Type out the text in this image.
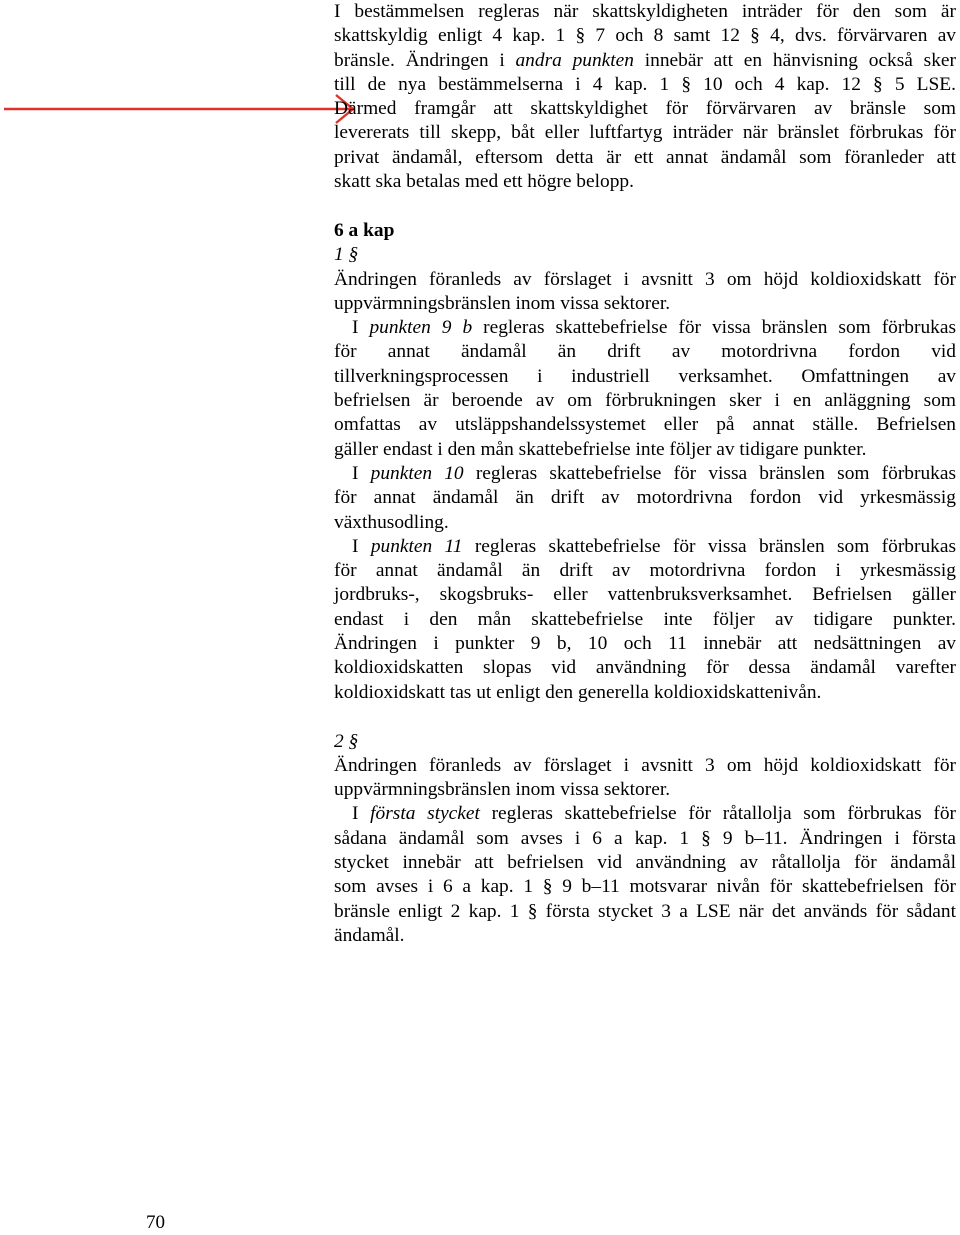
I bestämmelsen regleras när skattskyldigheten inträder för den som är
skattskyldig enligt 4 kap. 1 § 7 och 8 samt 12 § 4, dvs. förvärvaren av
bränsle. Ändringen i andra punkten innebär att en hänvisning också sker
till de nya bestämmelserna i 4 kap. 1 § 10 och 4 kap. 12 § 5 LSE.
Därmed framgår att skattskyldighet för förvärvaren av bränsle som
levererats till skepp, båt eller luftfartyg inträder när bränslet förbrukas för
privat ändamål, eftersom detta är ett annat ändamål som föranleder att
skatt ska betalas med ett högre belopp.
6 a kap
1 §
Ändringen föranleds av förslaget i avsnitt 3 om höjd koldioxidskatt för
uppvärmningsbränslen inom vissa sektorer.
I punkten 9 b regleras skattebefrielse för vissa bränslen som förbrukas
för annat ändamål än drift av motordrivna fordon vid
tillverkningsprocessen i industriell verksamhet. Omfattningen av
befrielsen är beroende av om förbrukningen sker i en anläggning som
omfattas av utsläppshandelssystemet eller på annat ställe. Befrielsen
gäller endast i den mån skattebefrielse inte följer av tidigare punkter.
I punkten 10 regleras skattebefrielse för vissa bränslen som förbrukas
för annat ändamål än drift av motordrivna fordon vid yrkesmässig
växthusodling.
I punkten 11 regleras skattebefrielse för vissa bränslen som förbrukas
för annat ändamål än drift av motordrivna fordon i yrkesmässig
jordbruks-, skogsbruks- eller vattenbruksverksamhet. Befrielsen gäller
endast i den mån skattebefrielse inte följer av tidigare punkter.
Ändringen i punkter 9 b, 10 och 11 innebär att nedsättningen av
koldioxidskatten slopas vid användning för dessa ändamål varefter
koldioxidskatt tas ut enligt den generella koldioxidskattenivån.
2 §
Ändringen föranleds av förslaget i avsnitt 3 om höjd koldioxidskatt för
uppvärmningsbränslen inom vissa sektorer.
I första stycket regleras skattebefrielse för råtallolja som förbrukas för
sådana ändamål som avses i 6 a kap. 1 § 9 b–11. Ändringen i första
stycket innebär att befrielsen vid användning av råtallolja för ändamål
som avses i 6 a kap. 1 § 9 b–11 motsvarar nivån för skattebefrielsen för
bränsle enligt 2 kap. 1 § första stycket 3 a LSE när det används för sådant
ändamål.
70
